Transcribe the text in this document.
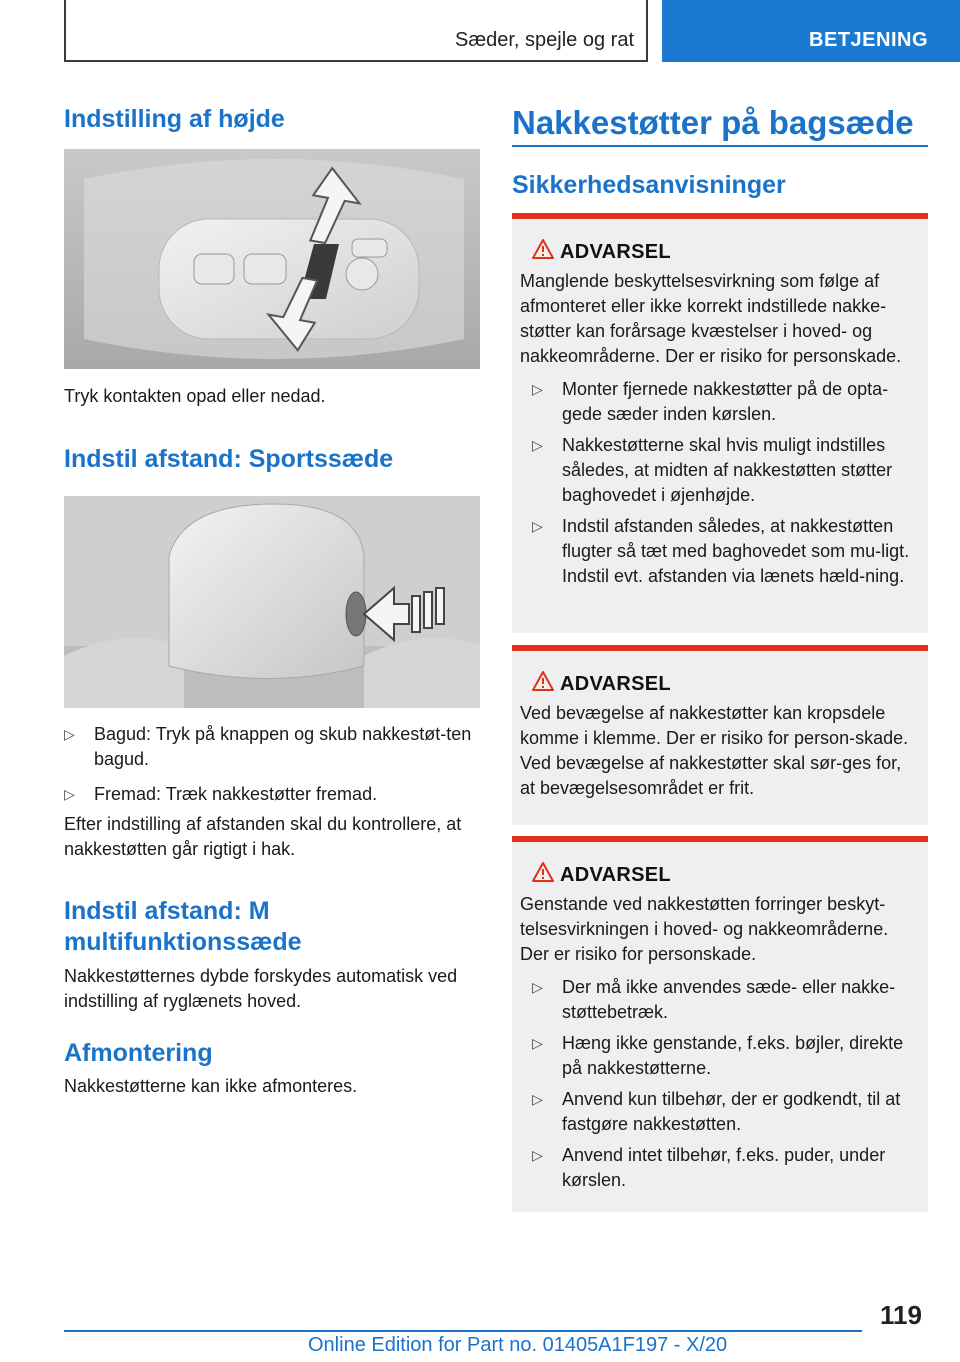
Sæder, spejle og rat	BETJENING
Indstilling af højde
Tryk kontakten opad eller nedad.
Indstil afstand: Sportssæde
▷ Bagud: Tryk på knappen og skub nakkestøt-ten bagud.
▷ Fremad: Træk nakkestøtter fremad.
Efter indstilling af afstanden skal du kontrollere, at nakkestøtten går rigtigt i hak.
Indstil afstand: M multifunktionssæde
Nakkestøtternes dybde forskydes automatisk ved indstilling af ryglænets hoved.
Afmontering
Nakkestøtterne kan ikke afmonteres.
Nakkestøtter på bagsæde
Sikkerhedsanvisninger
ADVARSEL

Manglende beskyttelsesvirkning som følge af afmonteret eller ikke korrekt indstillede nakke-støtter kan forårsage kvæstelser i hoved- og nakkeområderne. Der er risiko for personskade.

▷ Monter fjernede nakkestøtter på de opta-gede sæder inden kørslen.
▷ Nakkestøtterne skal hvis muligt indstilles således, at midten af nakkestøtten støtter baghovedet i øjenhøjde.
▷ Indstil afstanden således, at nakkestøtten flugter så tæt med baghovedet som mu-ligt. Indstil evt. afstanden via lænets hæld-ning.
ADVARSEL

Ved bevægelse af nakkestøtter kan kropsdele komme i klemme. Der er risiko for person-skade. Ved bevægelse af nakkestøtter skal sør-ges for, at bevægelsesområdet er frit.

ADVARSEL

Genstande ved nakkestøtten forringer beskyt-telsesvirkningen i hoved- og nakkeområderne. Der er risiko for personskade.

▷ Der må ikke anvendes sæde- eller nakke-støttebetræk.
▷ Hæng ikke genstande, f.eks. bøjler, direkte på nakkestøtterne.
▷ Anvend kun tilbehør, der er godkendt, til at fastgøre nakkestøtten.
▷ Anvend intet tilbehør, f.eks. puder, under kørslen.
119
Online Edition for Part no. 01405A1F197 - X/20
